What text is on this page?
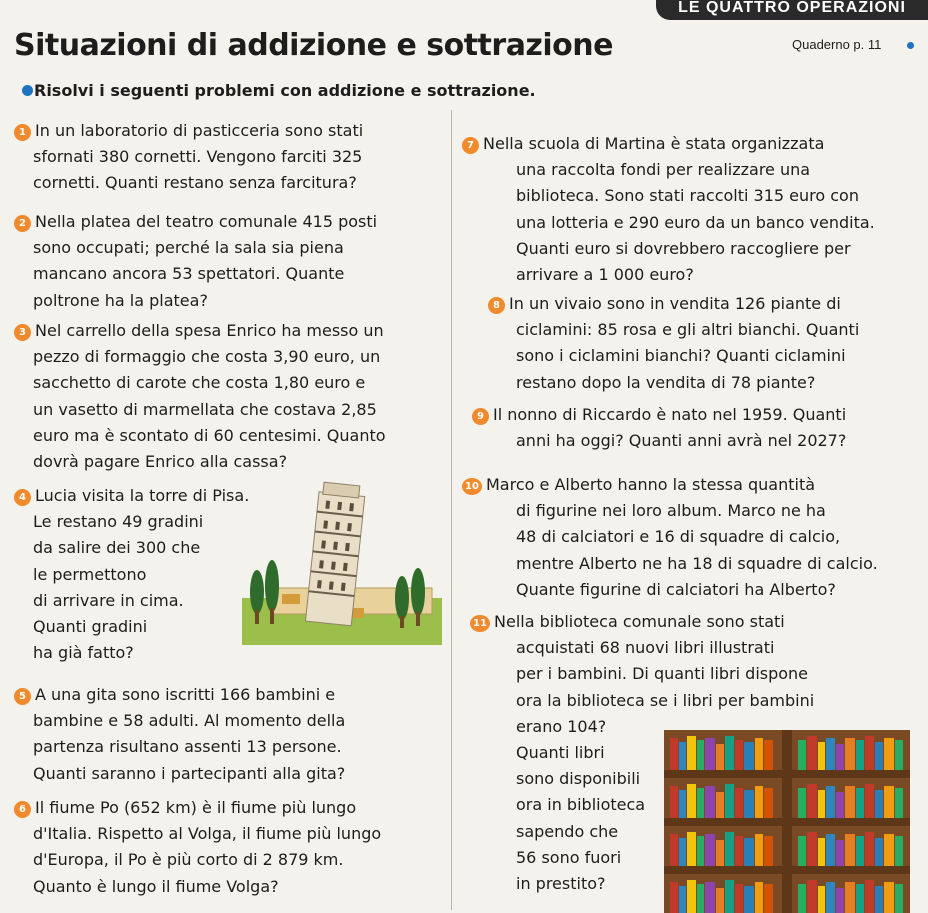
LE QUATTRO OPERAZIONI
Situazioni di addizione e sottrazione	Quaderno p. 11
Risolvi i seguenti problemi con addizione e sottrazione.

1 In un laboratorio di pasticceria sono stati

sfornati 380 cornetti. Vengono farciti 325

cornetti. Quanti restano senza farcitura?

2 Nella platea del teatro comunale 415 posti

sono occupati; perché la sala sia piena

mancano ancora 53 spettatori. Quante

poltrone ha la platea?

3 Nel carrello della spesa Enrico ha messo un

pezzo di formaggio che costa 3,90 euro, un

sacchetto di carote che costa 1,80 euro e

un vasetto di marmellata che costava 2,85

euro ma è scontato di 60 centesimi. Quanto

dovrà pagare Enrico alla cassa?

4 Lucia visita la torre di Pisa.

Le restano 49 gradini

da salire dei 300 che

le permettono

di arrivare in cima.

Quanti gradini

ha già fatto?

5 A una gita sono iscritti 166 bambini e

bambine e 58 adulti. Al momento della

partenza risultano assenti 13 persone.

Quanti saranno i partecipanti alla gita?

6 Il fiume Po (652 km) è il fiume più lungo

d'Italia. Rispetto al Volga, il fiume più lungo

d'Europa, il Po è più corto di 2 879 km.

Quanto è lungo il fiume Volga?

7 Nella scuola di Martina è stata organizzata

una raccolta fondi per realizzare una

biblioteca. Sono stati raccolti 315 euro con

una lotteria e 290 euro da un banco vendita.

Quanti euro si dovrebbero raccogliere per

arrivare a 1 000 euro?

8 In un vivaio sono in vendita 126 piante di

ciclamini: 85 rosa e gli altri bianchi. Quanti

sono i ciclamini bianchi? Quanti ciclamini

restano dopo la vendita di 78 piante?

9 Il nonno di Riccardo è nato nel 1959. Quanti

anni ha oggi? Quanti anni avrà nel 2027?

10 Marco e Alberto hanno la stessa quantità

di figurine nei loro album. Marco ne ha

48 di calciatori e 16 di squadre di calcio,

mentre Alberto ne ha 18 di squadre di calcio.

Quante figurine di calciatori ha Alberto?

11 Nella biblioteca comunale sono stati

acquistati 68 nuovi libri illustrati

per i bambini. Di quanti libri dispone

ora la biblioteca se i libri per bambini

erano 104?

Quanti libri

sono disponibili

ora in biblioteca

sapendo che

56 sono fuori

in prestito?
